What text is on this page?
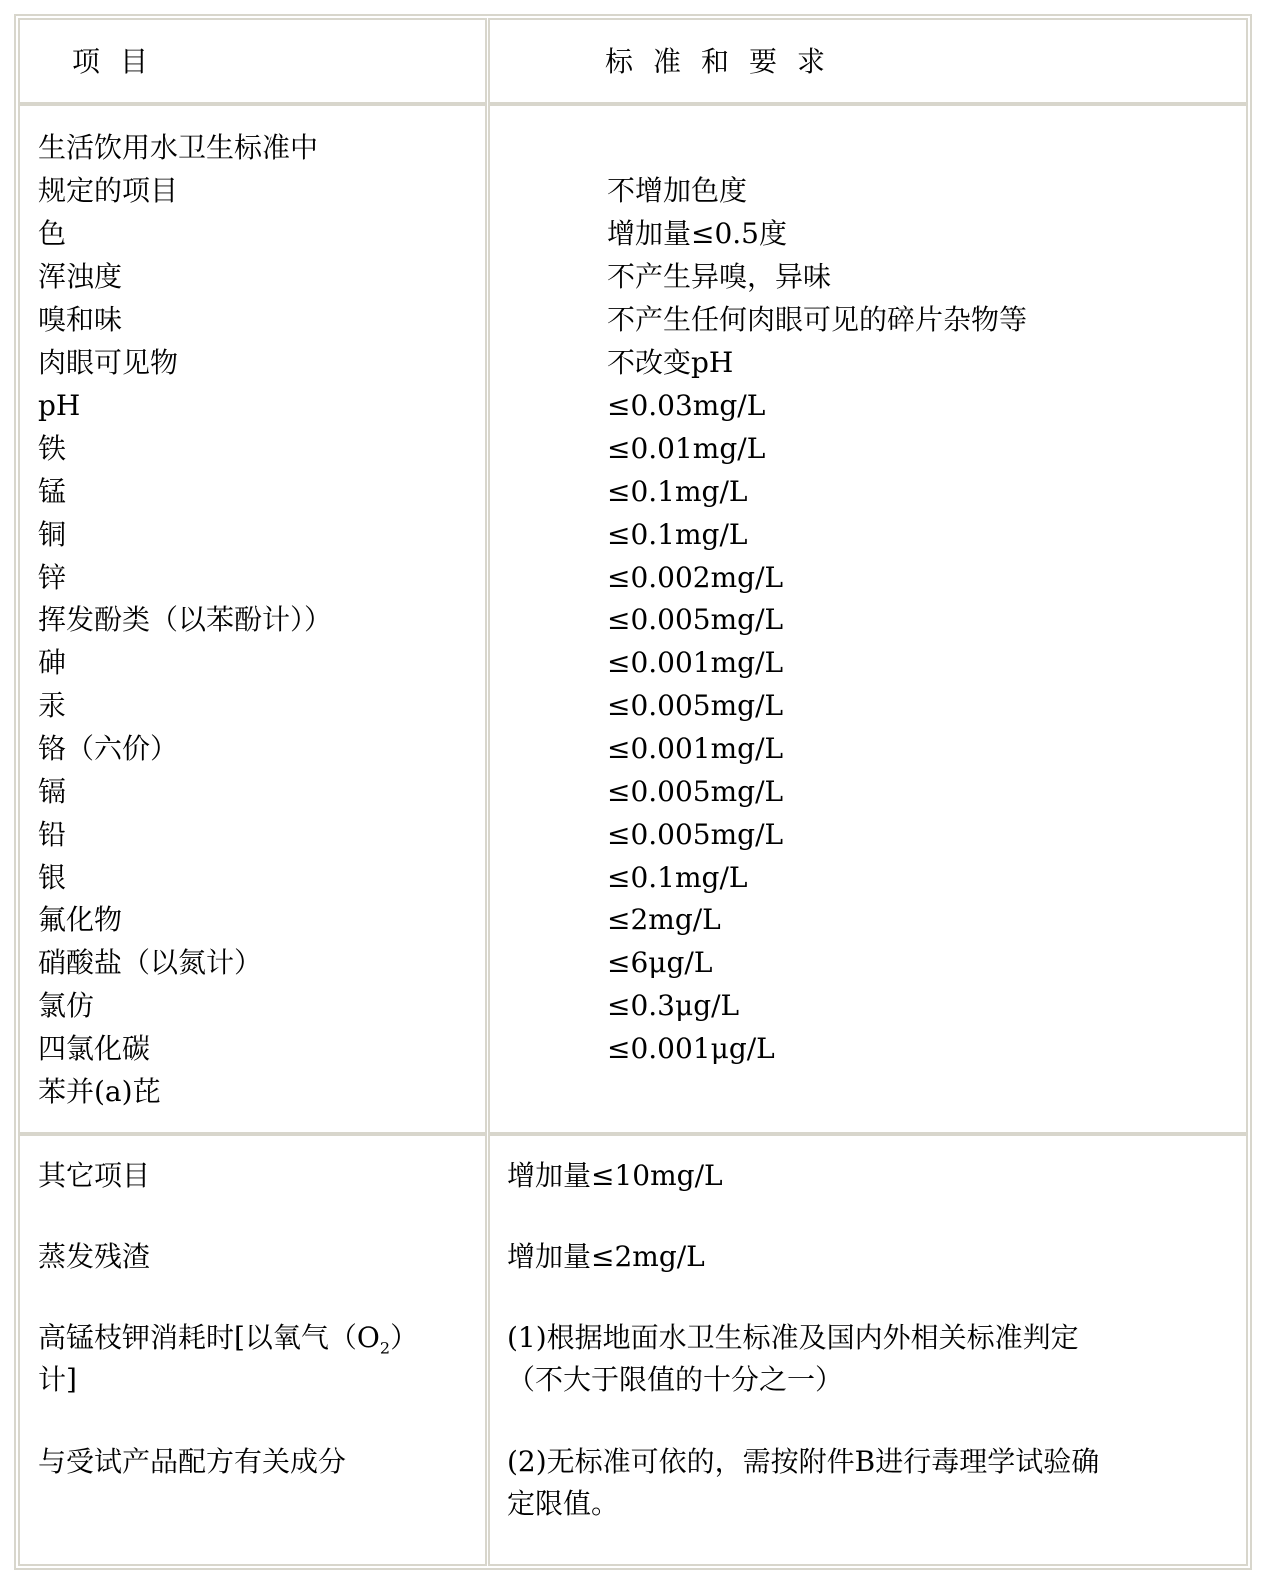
项目	标准和要求
生活饮用水卫生标准中
规定的项目
色
浑浊度
嗅和味
肉眼可见物
pH
铁
锰
铜
锌
挥发酚类（以苯酚计））
砷
汞
铬（六价）
镉
铅
银
氟化物
硝酸盐（以氮计）
氯仿
四氯化碳
苯并(a)芘
不增加色度
增加量≤0.5度
不产生异嗅，异味
不产生任何肉眼可见的碎片杂物等
不改变pH
≤0.03mg/L
≤0.01mg/L
≤0.1mg/L
≤0.1mg/L
≤0.002mg/L
≤0.005mg/L
≤0.001mg/L
≤0.005mg/L
≤0.001mg/L
≤0.005mg/L
≤0.005mg/L
≤0.1mg/L
≤2mg/L
≤6μg/L
≤0.3μg/L
≤0.001μg/L
其它项目
蒸发残渣
高锰枝钾消耗时[以氧气$(O_2)$
计]
与受试产品配方有关成分
增加量≤10mg/L
增加量≤2mg/L
(1)根据地面水卫生标准及国内外相关标准判定
（不大于限值的十分之一）
(2)无标准可依的，需按附件B进行毒理学试验确
定限值。
